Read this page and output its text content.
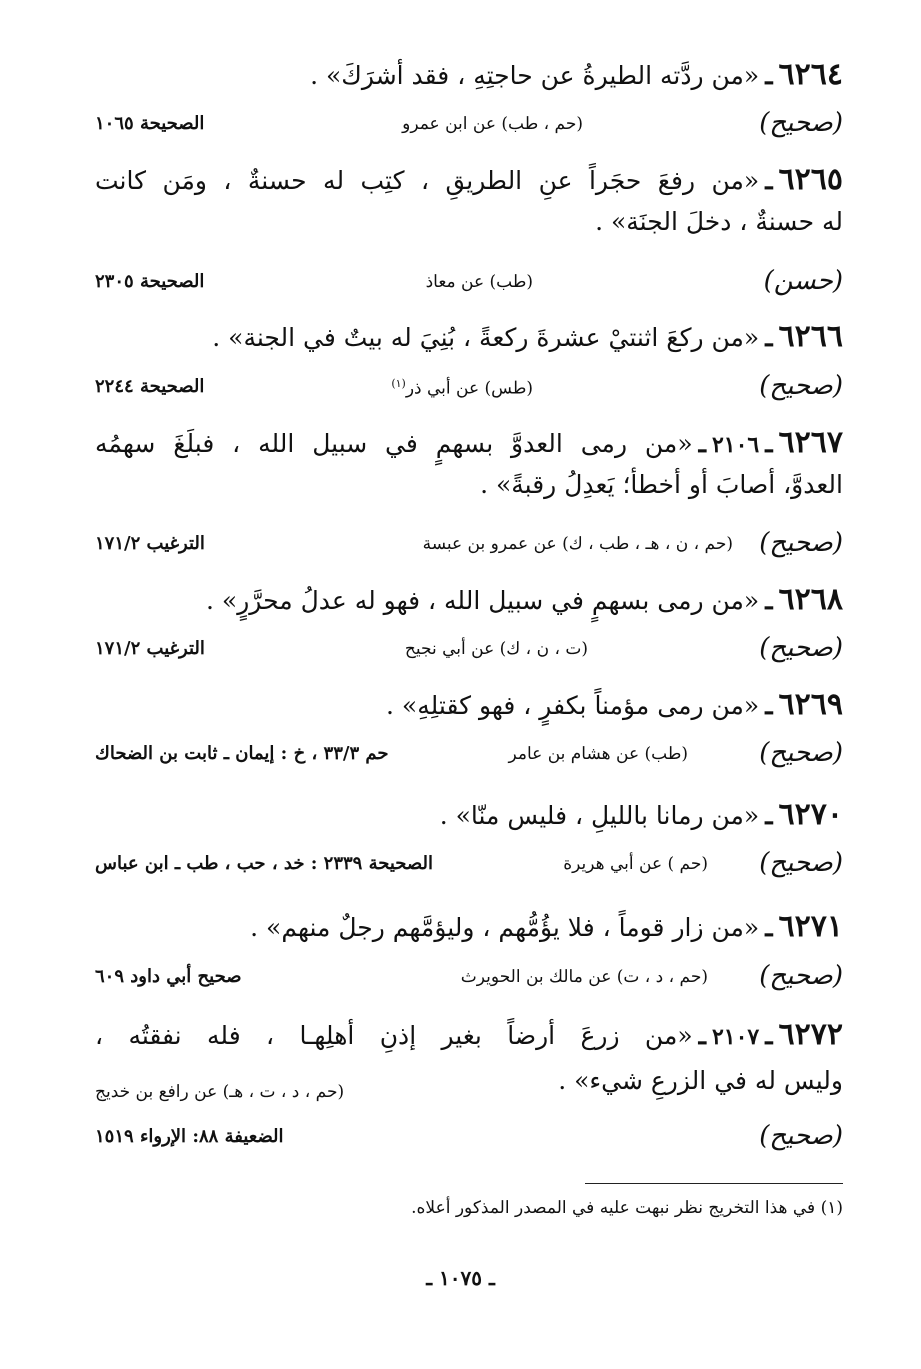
٦٢٦٤ـ«من ردَّته الطيرةُ عن حاجتِهِ ، فقد أشرَكَ» .
(صحيح)
(حم ، طب) عن ابن عمرو
الصحيحة ١٠٦٥
٦٢٦٥ـ«من رفعَ حجَراً عنِ الطريقِ ، كتِب له حسنةٌ ، ومَن كانت
له حسنةٌ ، دخلَ الجنَة» .
(حسن)
(طب) عن معاذ
الصحيحة ٢٣٠٥
٦٢٦٦ـ«من ركعَ اثنتيْ عشرةَ ركعةً ، بُنِيَ له بيتٌ في الجنة» .
(صحيح)
(طس) عن أبي ذر$^{(١)}$
الصحيحة ٢٢٤٤
٦٢٦٧ـ٢١٠٦ـ«من رمى العدوَّ بسهمٍ في سبيل الله ، فبلَغَ سهمُه
العدوَّ، أصابَ أو أخطأ؛ يَعدِلُ رقبةً» .
(صحيح)
(حم ، ن ، هـ ، طب ، ك) عن عمرو بن عبسة
الترغيب ١٧١/٢
٦٢٦٨ـ«من رمى بسهمٍ في سبيل الله ، فهو له عدلُ محرَّرٍ» .
(صحيح)
(ت ، ن ، ك) عن أبي نجيح
الترغيب ١٧١/٢
٦٢٦٩ـ«من رمى مؤمناً بكفرٍ ، فهو كقتلِهِ» .
(صحيح)
(طب) عن هشام بن عامر
حم ٣٣/٣ ، خ : إيمان ـ ثابت بن الضحاك
٦٢٧٠ـ«من رمانا بالليلِ ، فليس منّا» .
(صحيح)
(حم ) عن أبي هريرة
الصحيحة ٢٣٣٩ : خد ، حب ، طب ـ ابن عباس
٦٢٧١ـ«من زار قوماً ، فلا يؤُمُّهم ، وليؤمَّهم رجلٌ منهم» .
(صحيح)
(حم ، د ، ت) عن مالك بن الحويرث
صحيح أبي داود ٦٠٩
٦٢٧٢ـ٢١٠٧ـ«من زرعَ أرضاً بغير إذنِ أهلِهـا ، فله نفقتُه ،
وليس له في الزرعِ شيء» .
(حم ، د ، ت ، هـ) عن رافع بن خديج
(صحيح)
الضعيفة ٨٨: الإرواء ١٥١٩
(١) في هذا التخريج نظر نبهت عليه في المصدر المذكور أعلاه.
ـ ١٠٧٥ ـ
